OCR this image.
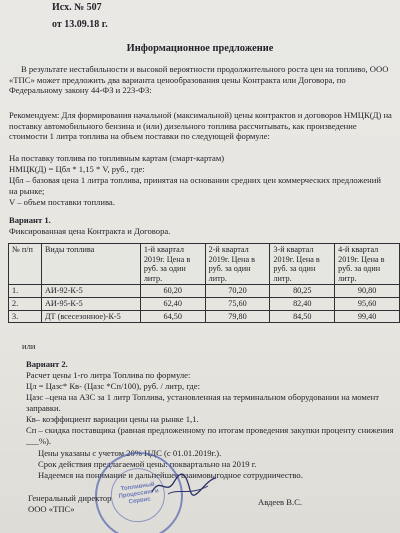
Исх. № 507
от 13.09.18 г.
Информационное предложение
В результате нестабильности и высокой вероятности продолжительного роста цен на топливо, ООО «ТПС» может предложить два варианта ценообразования цены Контракта или Договора, по Федеральному закону 44-ФЗ и 223-ФЗ:
Рекомендуем: Для формирования начальной (максимальной) цены контрактов и договоров НМЦК(Д) на поставку автомобильного бензина и (или) дизельного топлива рассчитывать, как произведение стоимости 1 литра топлива на объем поставки по следующей формуле:
На поставку топлива по топливным картам (смарт-картам)
НМЦК(Д) = Цбл * 1,15 * V, руб., где:
Цбл – базовая цена 1 литра топлива, принятая на основании средних цен коммерческих предложений на рынке;
V – объем поставки топлива.
Вариант 1.
Фиксированная цена Контракта и Договора.
№ п/п	Виды топлива	1-й квартал 2019г. Цена в руб. за один литр.	2-й квартал 2019г. Цена в руб. за один литр.	3-й квартал 2019г. Цена в руб. за один литр.	4-й квартал 2019г. Цена в руб. за один литр.
1.	АИ-92-К-5	60,20	70,20	80,25	90,80
2.	АИ-95-К-5	62,40	75,60	82,40	95,60
3.	ДТ (всесезонное)-К-5	64,50	79,80	84,50	99,40
или
Вариант 2.
Расчет цены 1-го литра Топлива по формуле:
Цл = Цазс* Кв- (Цазс *Сп/100), руб. / литр, где:
Цазс –цена на АЗС за 1 литр Топлива, установленная на терминальном оборудовании на момент заправки.
Кв– коэффициент вариации цены на рынке 1,1.
Сп – скидка поставщика (равная предложенному по итогам проведения закупки проценту снижения ___%).
Цены указаны с учетом 20% НДС (с 01.01.2019г.).
Срок действия предлагаемой цены: поквартально на 2019 г.
Надеемся на понимание и дальнейшее взаимовыгодное сотрудничество.
Топливный Процессинг и Сервис
Генеральный директор
ООО «ТПС»
Авдеев В.С.
